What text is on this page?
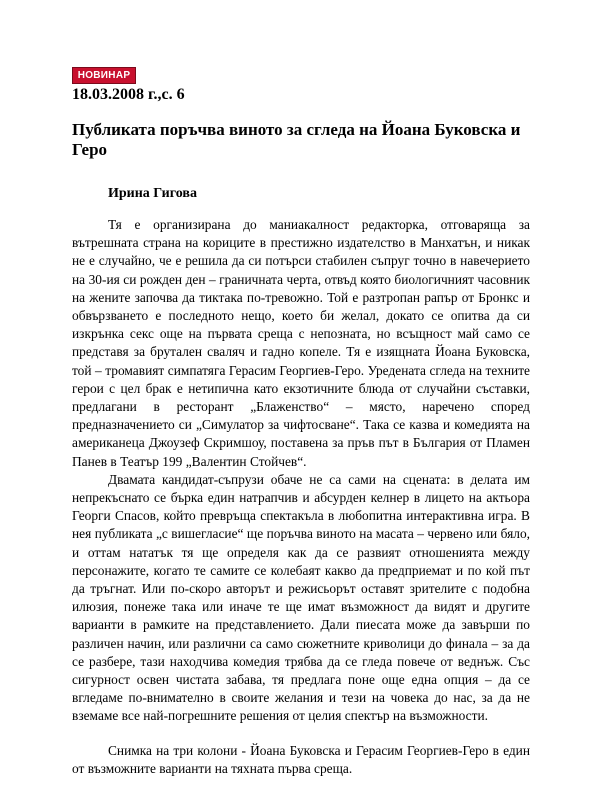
НОВИНАР
18.03.2008 г.,с. 6
Публиката поръчва виното за сгледа на Йоана Буковска и Геро
Ирина Гигова

Тя е организирана до маниакалност редакторка, отговаряща за вътрешната страна на кориците в престижно издателство в Манхатън, и никак не е случайно, че е решила да си потърси стабилен съпруг точно в навечерието на 30-ия си рожден ден – граничната черта, отвъд която биологичният часовник на жените започва да тиктака по-тревожно. Той е разтропан рапър от Бронкс и обвързването е последното нещо, което би желал, докато се опитва да си изкрънка секс още на първата среща с непозната, но всъщност май само се представя за брутален сваляч и гадно копеле. Тя е изящната Йоана Буковска, той – тромавият симпатяга Герасим Георгиев-Геро. Уредената сгледа на техните герои с цел брак е нетипична като екзотичните блюда от случайни съставки, предлагани в ресторант „Блаженство“ – място, наречено според предназначението си „Симулатор за чифтосване“. Така се казва и комедията на американеца Джоузеф Скримшоу, поставена за пръв път в България от Пламен Панев в Театър 199 „Валентин Стойчев“.

Двамата кандидат-съпрузи обаче не са сами на сцената: в делата им непрекъснато се бърка един натрапчив и абсурден келнер в лицето на актьора Георги Спасов, който превръща спектакъла в любопитна интерактивна игра. В нея публиката „с вишегласие“ ще поръчва виното на масата – червено или бяло, и оттам нататък тя ще определя как да се развият отношенията между персонажите, когато те самите се колебаят какво да предприемат и по кой път да тръгнат. Или по-скоро авторът и режисьорът оставят зрителите с подобна илюзия, понеже така или иначе те ще имат възможност да видят и другите варианти в рамките на представлението. Дали пиесата може да завърши по различен начин, или различни са само сюжетните криволици до финала – за да се разбере, тази находчива комедия трябва да се гледа повече от веднъж. Със сигурност освен чистата забава, тя предлага поне още една опция – да се вгледаме по-внимателно в своите желания и тези на човека до нас, за да не вземаме все най-погрешните решения от целия спектър на възможности.

Снимка на три колони - Йоана Буковска и Герасим Георгиев-Геро в един от възможните варианти на тяхната първа среща.
